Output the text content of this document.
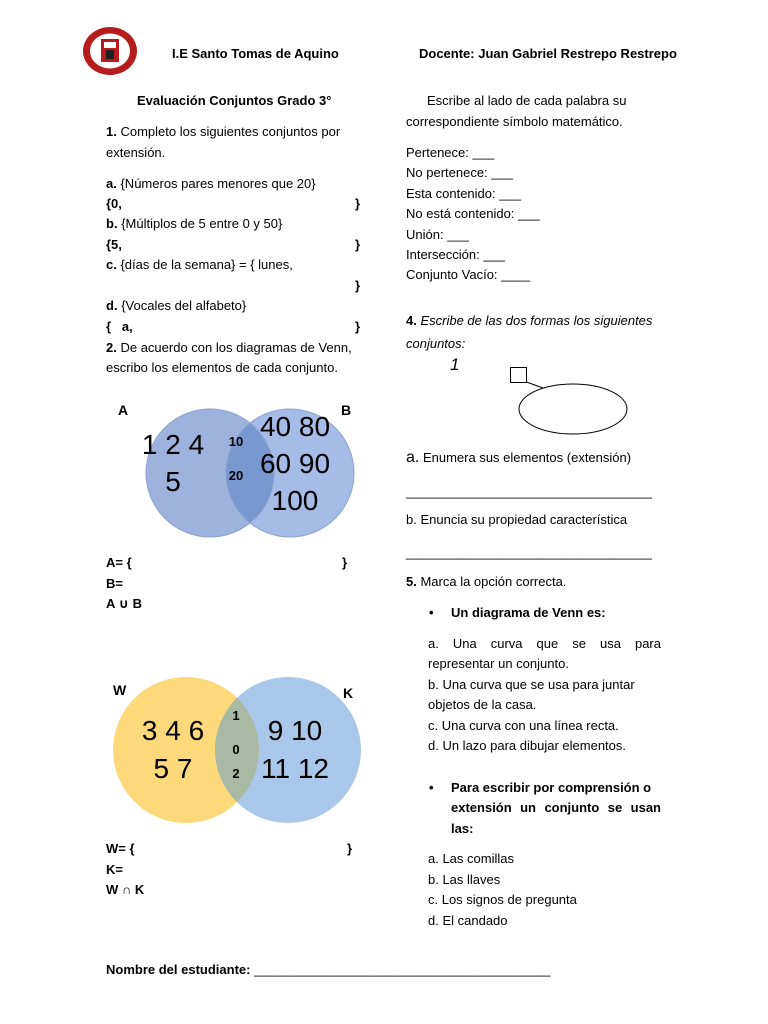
I.E Santo Tomas de Aquino	Docente: Juan Gabriel Restrepo Restrepo
Evaluación Conjuntos Grado 3°
1. Completo los siguientes conjuntos por
extensión.
a. {Números pares menores que 20}
{0,	}
b. {Múltiplos de 5 entre 0 y 50}
{5,	}
c. {días de la semana} = { lunes,
}
d. {Vocales del alfabeto}
{   a,	}
2. De acuerdo con los diagramas de Venn,
escribo los elementos de cada conjunto.
A	B
1 2 4
5
10
20
40 80
60 90
100
A= {	}
B=
A ∪ B
W	K
3 4 6
5 7
1
0
2
9 10
11 12
W= {	}
K=
W ∩ K
Escribe al lado de cada palabra su
correspondiente símbolo matemático.
Pertenece: ___
No pertenece: ___
Esta contenido: ___
No está contenido: ___
Unión: ___
Intersección: ___
Conjunto Vacío: ____
4. Escribe de las dos formas los siguientes
conjuntos:
1
a. Enumera sus elementos (extensión)
__________________________________
b. Enuncia su propiedad característica
__________________________________
5. Marca la opción correcta.
• Un diagrama de Venn es:
a. Una curva que se usa para
representar un conjunto.
b. Una curva que se usa para juntar
objetos de la casa.
c. Una curva con una línea recta.
d. Un lazo para dibujar elementos.
• Para escribir por comprensión o
extensión un conjunto se usan
las:
a. Las comillas
b. Las llaves
c. Los signos de pregunta
d. El candado
Nombre del estudiante: _________________________________________
